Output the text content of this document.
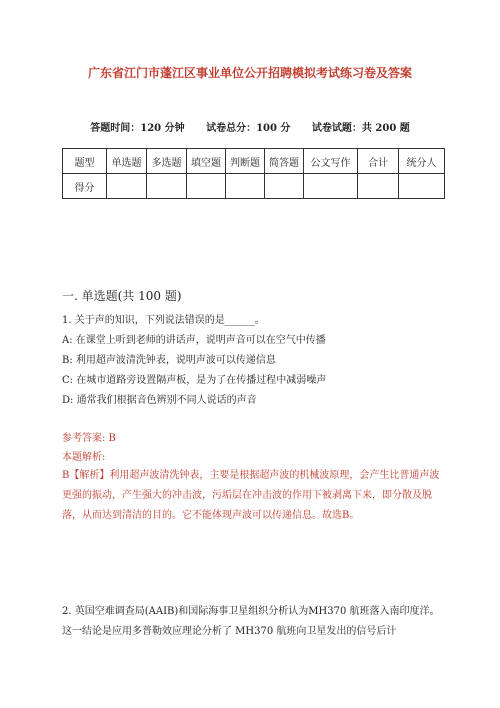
广东省江门市蓬江区事业单位公开招聘模拟考试练习卷及答案
答题时间：120 分钟 试卷总分：100 分 试卷试题：共 200 题
题型	单选题	多选题	填空题	判断题	简答题	公文写作	合计	统分人
得分								
一. 单选题(共 100 题)
1. 关于声的知识，下列说法错误的是______。
A: 在课堂上听到老师的讲话声，说明声音可以在空气中传播
B: 利用超声波清洗钟表，说明声波可以传递信息
C: 在城市道路旁设置隔声板，是为了在传播过程中减弱噪声
D: 通常我们根据音色辨别不同人说话的声音
参考答案: B
本题解析:
B【解析】利用超声波清洗钟表，主要是根据超声波的机械波原理，会产生比普通声波更强的振动，产生强大的冲击波，污垢层在冲击波的作用下被剥离下来，即分散及脱落，从而达到清洁的目的。它不能体现声波可以传递信息。故选B。
2. 英国空难调查局(AAIB)和国际海事卫星组织分析认为MH370 航班落入南印度洋。这一结论是应用多普勒效应理论分析了 MH370 航班向卫星发出的信号后计
